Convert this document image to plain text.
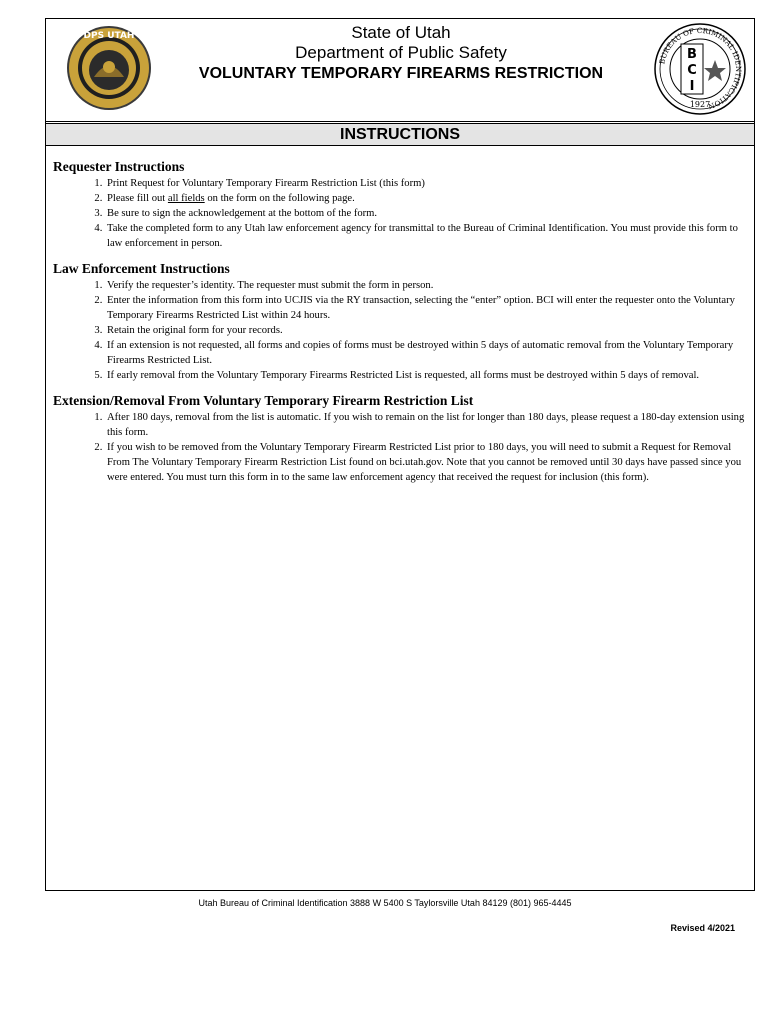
DPS UTAH	State of Utah
Department of Public Safety
VOLUNTARY TEMPORARY FIREARMS RESTRICTION
BUREAU OF CRIMINAL IDENTIFICATION
B
C
I
1927
INSTRUCTIONS

Requester Instructions

1. Print Request for Voluntary Temporary Firearm Restriction List (this form)
2. Please fill out all fields on the form on the following page.
3. Be sure to sign the acknowledgement at the bottom of the form.
4. Take the completed form to any Utah law enforcement agency for transmittal to the Bureau of Criminal Identification. You must provide this form to law enforcement in person.

Law Enforcement Instructions

1. Verify the requester’s identity. The requester must submit the form in person.
2. Enter the information from this form into UCJIS via the RY transaction, selecting the “enter” option. BCI will enter the requester onto the Voluntary Temporary Firearms Restricted List within 24 hours.
3. Retain the original form for your records.
4. If an extension is not requested, all forms and copies of forms must be destroyed within 5 days of automatic removal from the Voluntary Temporary Firearms Restricted List.
5. If early removal from the Voluntary Temporary Firearms Restricted List is requested, all forms must be destroyed within 5 days of removal.

Extension/Removal From Voluntary Temporary Firearm Restriction List

1. After 180 days, removal from the list is automatic. If you wish to remain on the list for longer than 180 days, please request a 180-day extension using this form.
2. If you wish to be removed from the Voluntary Temporary Firearm Restricted List prior to 180 days, you will need to submit a Request for Removal From The Voluntary Temporary Firearm Restriction List found on bci.utah.gov. Note that you cannot be removed until 30 days have passed since you were entered. You must turn this form in to the same law enforcement agency that received the request for inclusion (this form).
Utah Bureau of Criminal Identification 3888 W 5400 S Taylorsville Utah 84129 (801) 965-4445
Revised 4/2021
